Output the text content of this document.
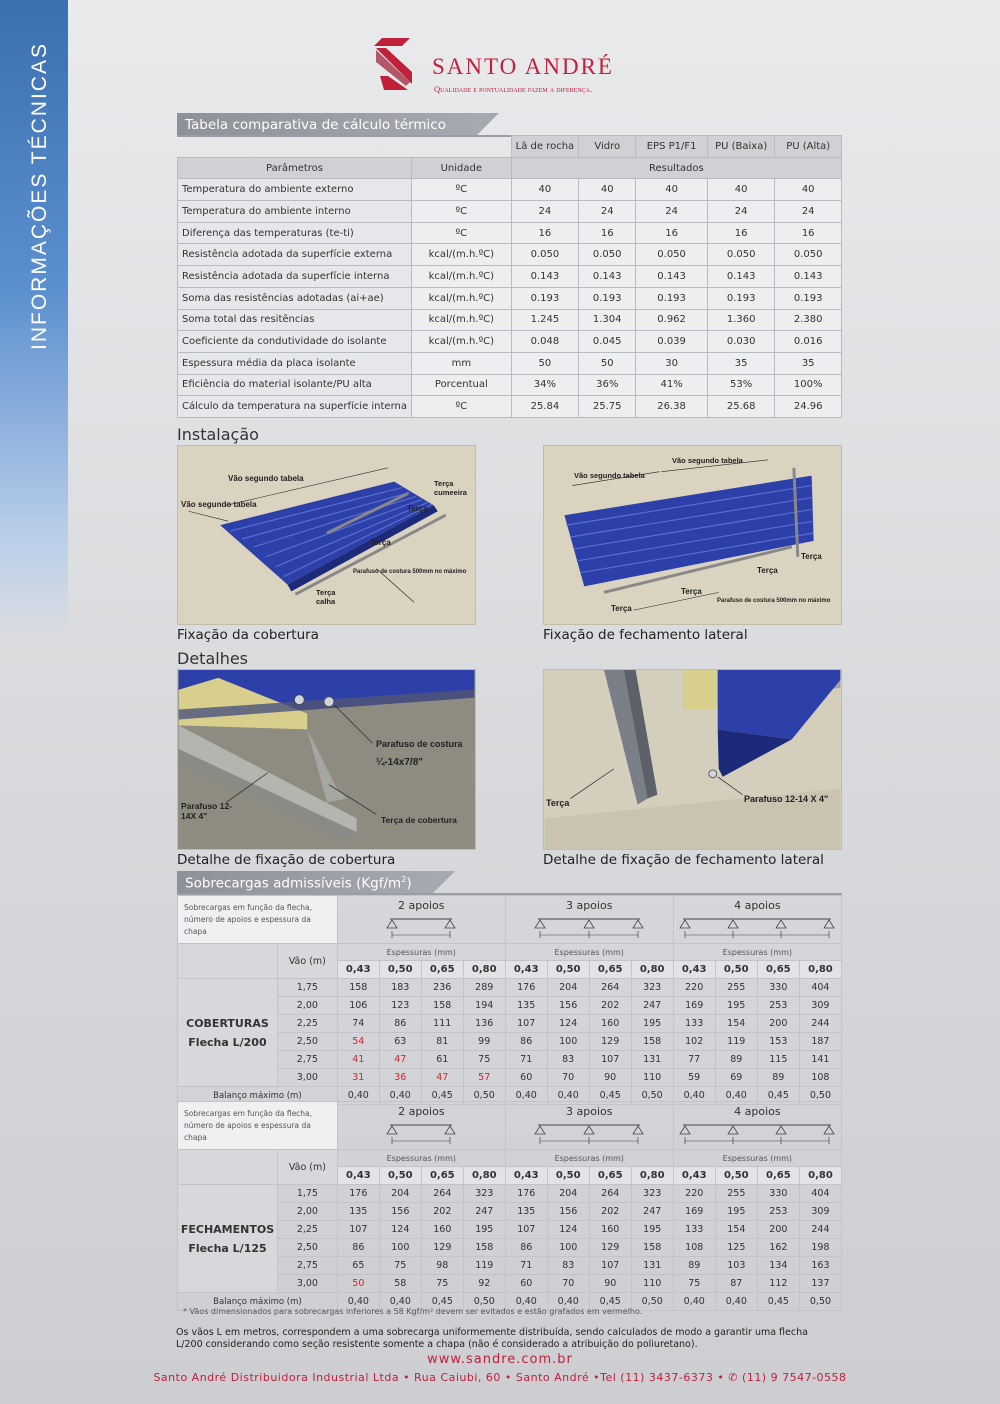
INFORMAÇÕES TÉCNICAS	SANTO ANDRÉ
Qualidade e pontualidade fazem a diferença.
Tabela comparativa de cálculo térmico
		Lã de rocha	Vidro	EPS P1/F1	PU (Baixa)	PU (Alta)
Parâmetros	Unidade	Resultados				
Temperatura do ambiente externo	ºC	40	40	40	40	40
Temperatura do ambiente interno	ºC	24	24	24	24	24
Diferença das temperaturas (te-ti)	ºC	16	16	16	16	16
Resistência adotada da superfície externa	kcal/(m.h.ºC)	0.050	0.050	0.050	0.050	0.050
Resistência adotada da superfície interna	kcal/(m.h.ºC)	0.143	0.143	0.143	0.143	0.143
Soma das resistências adotadas (ai+ae)	kcal/(m.h.ºC)	0.193	0.193	0.193	0.193	0.193
Soma total das resitências	kcal/(m.h.ºC)	1.245	1.304	0.962	1.360	2.380
Coeficiente da condutividade do isolante	kcal/(m.h.ºC)	0.048	0.045	0.039	0.030	0.016
Espessura média da placa isolante	mm	50	50	30	35	35
Eficiência do material isolante/PU alta	Porcentual	34%	36%	41%	53%	100%
Cálculo da temperatura na superfície interna	ºC	25.84	25.75	26.38	25.68	24.96
Instalação
Vão segundo tabela
Vão segundo tabela
Terça cumeeira
Terça
Terça
Parafuso de costura 500mm no máximo
Terça calha
Fixação da cobertura
Vão segundo tabela
Vão segundo tabela
Terça
Terça
Terça
Terça
Parafuso de costura 500mm no máximo
Fixação de fechamento lateral
Detalhes
Parafuso de costura
¼-14x7/8"
Parafuso 12-14X 4"	Terça de cobertura
Detalhe de fixação de cobertura
Terça	Parafuso 12-14 X 4"
Detalhe de fixação de fechamento lateral
Sobrecargas admissíveis $(Kgf/m^2)$
Sobrecargas em função da flecha, número de apoios e espessura da chapa		2 apoios				3 apoios				4 apoios			

	Vão (m)	Espessuras (mm)				Espessuras (mm)				Espessuras (mm)			
		0,43	0,50	0,65	0,80	0,43	0,50	0,65	0,80	0,43	0,50	0,65	0,80

COBERTURAS
Flecha L/200	1,75	158	183	236	289	176	204	264	323	220	255	330	404
	2,00	106	123	158	194	135	156	202	247	169	195	253	309
	2,25	74	86	111	136	107	124	160	195	133	154	200	244
	2,50	54	63	81	99	86	100	129	158	102	119	153	187
	2,75	41	47	61	75	71	83	107	131	77	89	115	141
	3,00	31	36	47	57	60	70	90	110	59	69	89	108
Balanço máximo (m)		0,40	0,40	0,45	0,50	0,40	0,40	0,45	0,50	0,40	0,40	0,45	0,50
Sobrecargas em função da flecha, número de apoios e espessura da chapa		2 apoios				3 apoios				4 apoios			

	Vão (m)	Espessuras (mm)				Espessuras (mm)				Espessuras (mm)			
		0,43	0,50	0,65	0,80	0,43	0,50	0,65	0,80	0,43	0,50	0,65	0,80

FECHAMENTOS
Flecha L/125	1,75	176	204	264	323	176	204	264	323	220	255	330	404
	2,00	135	156	202	247	135	156	202	247	169	195	253	309
	2,25	107	124	160	195	107	124	160	195	133	154	200	244
	2,50	86	100	129	158	86	100	129	158	108	125	162	198
	2,75	65	75	98	119	71	83	107	131	89	103	134	163
	3,00	50	58	75	92	60	70	90	110	75	87	112	137
Balanço máximo (m)		0,40	0,40	0,45	0,50	0,40	0,40	0,45	0,50	0,40	0,40	0,45	0,50
* Vãos dimensionados para sobrecargas inferiores a 58 Kgf/m² devem ser evitados e estão grafados em vermelho.
Os vãos L em metros, correspondem a uma sobrecarga uniformemente distribuída, sendo calculados de modo a garantir uma flecha L/200 considerando como seção resistente somente a chapa (não é considerado a atribuição do poliuretano).
www.sandre.com.br
Santo André Distribuidora Industrial Ltda • Rua Caiubi, 60 • Santo André •Tel (11) 3437-6373 • ✆ (11) 9 7547-0558
